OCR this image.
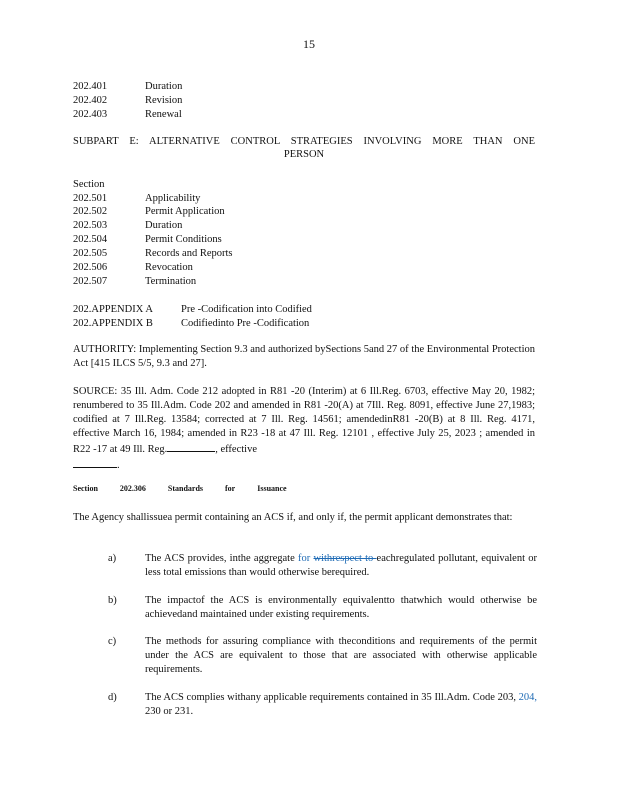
15
202.401	Duration
202.402	Revision
202.403	Renewal
SUBPART E: ALTERNATIVE CONTROL STRATEGIES INVOLVING MORE THAN ONE
PERSON
Section
202.501	Applicability
202.502	Permit Application
202.503	Duration
202.504	Permit Conditions
202.505	Records and Reports
202.506	Revocation
202.507	Termination
202.APPENDIX A	Pre -Codification into Codified
202.APPENDIX B	Codifiedinto Pre -Codification
AUTHORITY: Implementing Section 9.3 and authorized bySections 5and 27 of the Environmental Protection Act [415 ILCS 5/5, 9.3 and 27].
SOURCE: 35 Ill. Adm. Code 212 adopted in R81 -20 (Interim) at 6 Ill.Reg. 6703, effective May 20, 1982; renumbered to 35 Ill.Adm. Code 202 and amended in R81 -20(A) at 7Ill. Reg. 8091, effective June 27,1983; codified at 7 Ill.Reg. 13584; corrected at 7 Ill. Reg. 14561; amendedinR81 -20(B) at 8 Ill. Reg. 4171, effective March 16, 1984; amended in R23 -18 at 47 Ill. Reg. 12101 , effective July 25, 2023 ; amended in R22 -17 at 49 Ill. Reg.	, effective
.
Section	202.306	Standards	for	Issuance
The Agency shallissuea permit containing an ACS if, and only if, the permit applicant demonstrates that:
a)	The ACS provides, inthe aggregate for withrespect to eachregulated pollutant, equivalent or less total emissions than would otherwise berequired.
b)	The impactof the ACS is environmentally equivalentto thatwhich would otherwise be achievedand maintained under existing requirements.
c)	The methods for assuring compliance with theconditions and requirements of the permit under the ACS are equivalent to those that are associated with otherwise applicable requirements.
d)	The ACS complies withany applicable requirements contained in 35 Ill.Adm. Code 203, 204, 230 or 231.
